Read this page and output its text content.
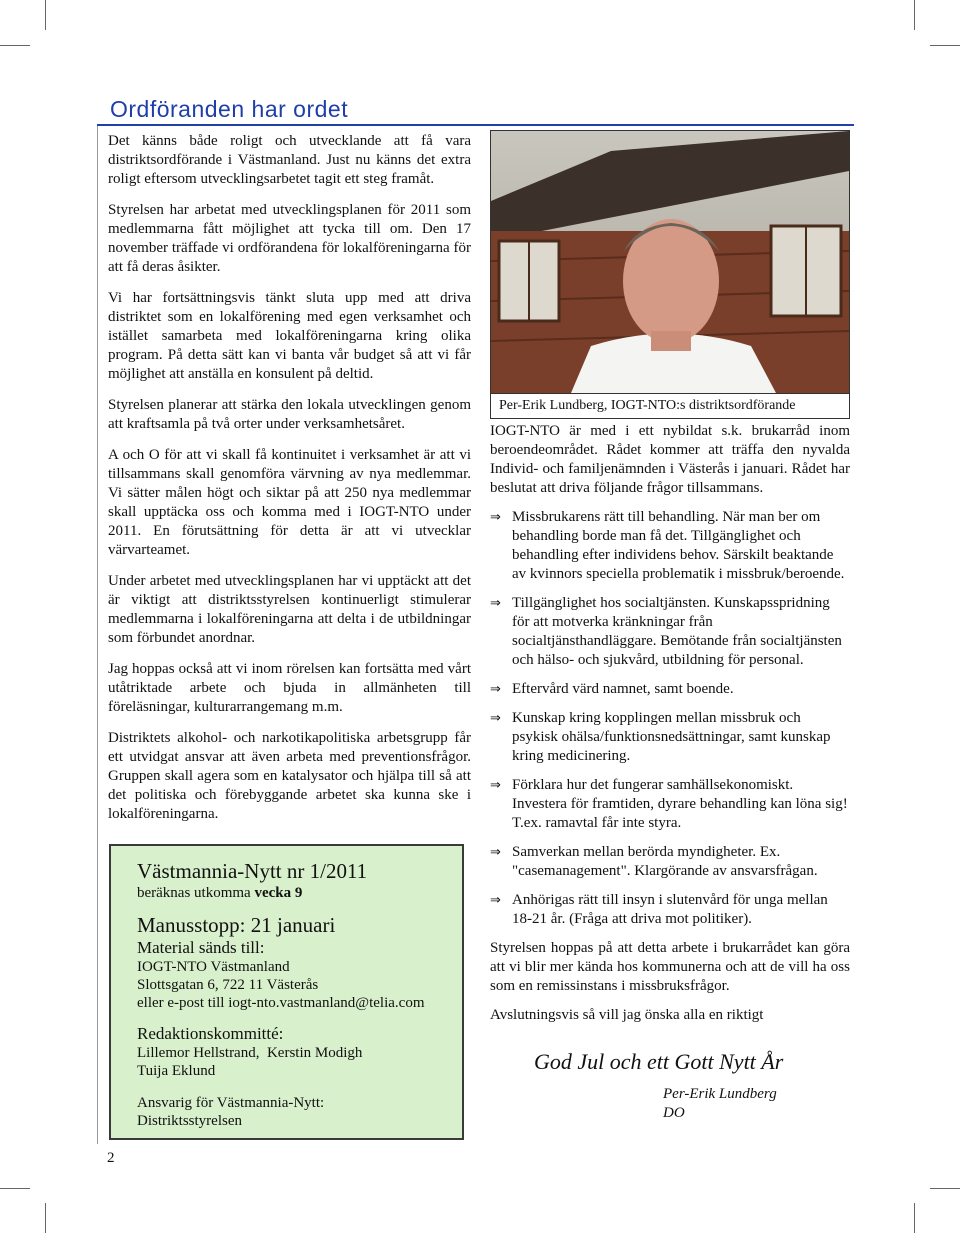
Ordföranden har ordet

Det känns både roligt och utvecklande att få vara distriktsordförande i Västmanland. Just nu känns det extra roligt eftersom utvecklingsarbetet tagit ett steg framåt.

Styrelsen har arbetat med utvecklingsplanen för 2011 som medlemmarna fått möjlighet att tycka till om. Den 17 november träffade vi ordförandena för lokalföreningarna för att få deras åsikter.

Vi har fortsättningsvis tänkt sluta upp med att driva distriktet som en lokalförening med egen verksamhet och istället samarbeta med lokalföreningarna kring olika program. På detta sätt kan vi banta vår budget så att vi får möjlighet att anställa en konsulent på deltid.

Styrelsen planerar att stärka den lokala utvecklingen genom att kraftsamla på två orter under verksamhetsåret.

A och O för att vi skall få kontinuitet i verksamhet är att vi tillsammans skall genomföra värvning av nya medlemmar. Vi sätter målen högt och siktar på att 250 nya medlemmar skall upptäcka oss och komma med i IOGT-NTO under 2011. En förutsättning för detta är att vi utvecklar värvarteamet.

Under arbetet med utvecklingsplanen har vi upptäckt att det är viktigt att distriktsstyrelsen kontinuerligt stimulerar medlemmarna i lokalföreningarna att delta i de utbildningar som förbundet anordnar.

Jag hoppas också att vi inom rörelsen kan fortsätta med vårt utåtriktade arbete och bjuda in allmänheten till föreläsningar, kulturarrangemang m.m.

Distriktets alkohol- och narkotikapolitiska arbetsgrupp får ett utvidgat ansvar att även arbeta med preventionsfrågor. Gruppen skall agera som en katalysator och hjälpa till så att det politiska och förebyggande arbetet ska kunna ske i lokalföreningarna.

Per-Erik Lundberg, IOGT-NTO:s distriktsordförande

IOGT-NTO är med i ett nybildat s.k. brukarråd inom beroendeområdet. Rådet kommer att träffa den nyvalda Individ- och familjenämnden i Västerås i januari. Rådet har beslutat att driva följande frågor tillsammans.

⇒ Missbrukarens rätt till behandling. När man ber om behandling borde man få det. Tillgänglighet och behandling efter individens behov. Särskilt beaktande av kvinnors speciella problematik i missbruk/beroende.
⇒ Tillgänglighet hos socialtjänsten. Kunskapsspridning för att motverka kränkningar från socialtjänsthandläggare. Bemötande från socialtjänsten och hälso- och sjukvård, utbildning för personal.
⇒ Eftervård värd namnet, samt boende.
⇒ Kunskap kring kopplingen mellan missbruk och psykisk ohälsa/funktionsnedsättningar, samt kunskap kring medicinering.
⇒ Förklara hur det fungerar samhällsekonomiskt. Investera för framtiden, dyrare behandling kan löna sig! T.ex. ramavtal får inte styra.
⇒ Samverkan mellan berörda myndigheter. Ex. "casemanagement". Klargörande av ansvarsfrågan.
⇒ Anhörigas rätt till insyn i slutenvård för unga mellan 18-21 år. (Fråga att driva mot politiker).

Styrelsen hoppas på att detta arbete i brukarrådet kan göra att vi blir mer kända hos kommunerna och att de vill ha oss som en remissinstans i missbruksfrågor.

Avslutningsvis så vill jag önska alla en riktigt

God Jul och ett Gott Nytt År
Per-Erik Lundberg
DO
Västmannia-Nytt nr 1/2011
beräknas utkomma vecka 9
Manusstopp: 21 januari
Material sänds till:
IOGT-NTO Västmanland
Slottsgatan 6, 722 11 Västerås
eller e-post till iogt-nto.vastmanland@telia.com
Redaktionskommitté:
Lillemor Hellstrand,  Kerstin Modigh
Tuija Eklund
Ansvarig för Västmannia-Nytt:
Distriktsstyrelsen
2
